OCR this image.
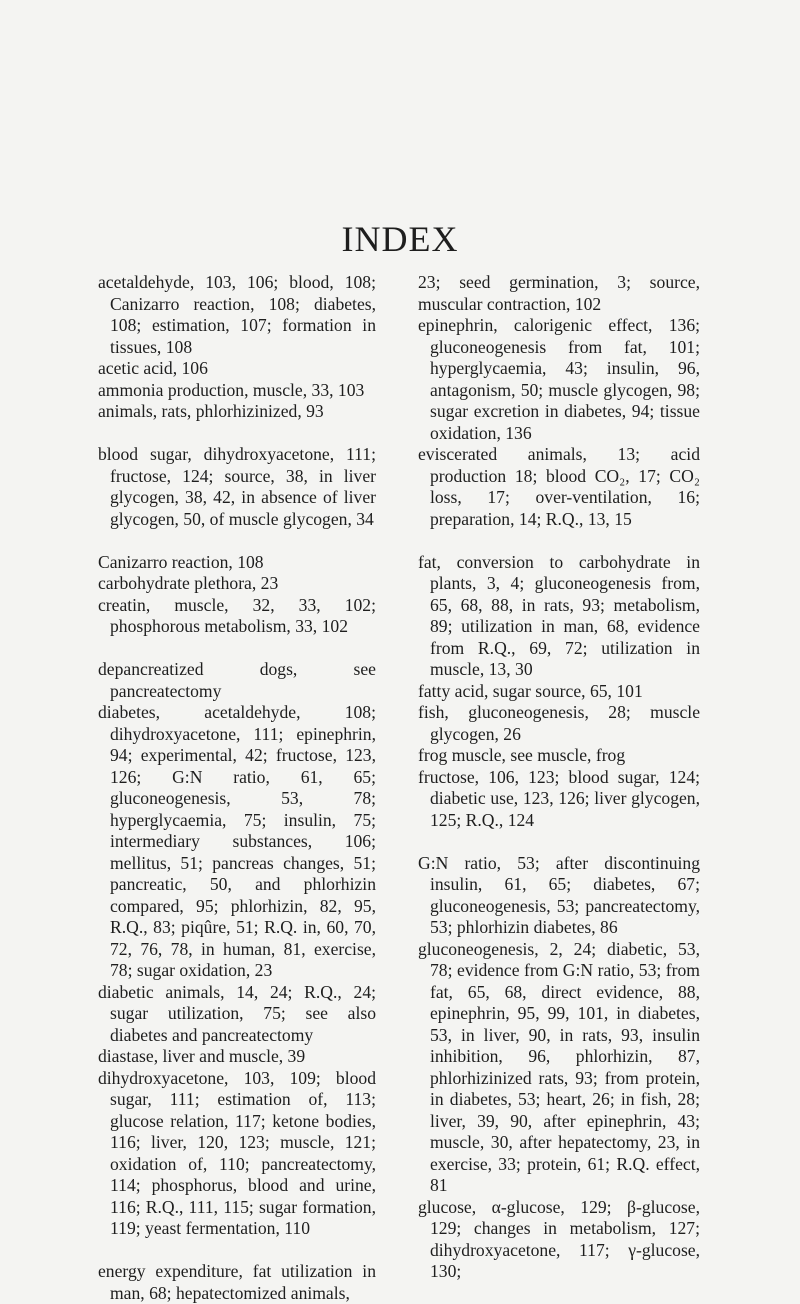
INDEX

acetaldehyde, 103, 106; blood, 108; Canizarro reaction, 108; diabetes, 108; estimation, 107; formation in tissues, 108

acetic acid, 106

ammonia production, muscle, 33, 103

animals, rats, phlorhizinized, 93

blood sugar, dihydroxyacetone, 111; fructose, 124; source, 38, in liver glycogen, 38, 42, in absence of liver glycogen, 50, of muscle glycogen, 34

Canizarro reaction, 108

carbohydrate plethora, 23

creatin, muscle, 32, 33, 102; phosphorous metabolism, 33, 102

depancreatized dogs, see pancreatectomy

diabetes, acetaldehyde, 108; dihydroxyacetone, 111; epinephrin, 94; experimental, 42; fructose, 123, 126; G:N ratio, 61, 65; gluconeogenesis, 53, 78; hyperglycaemia, 75; insulin, 75; intermediary substances, 106; mellitus, 51; pancreas changes, 51; pancreatic, 50, and phlorhizin compared, 95; phlorhizin, 82, 95, R.Q., 83; piqûre, 51; R.Q. in, 60, 70, 72, 76, 78, in human, 81, exercise, 78; sugar oxidation, 23

diabetic animals, 14, 24; R.Q., 24; sugar utilization, 75; see also diabetes and pancreatectomy

diastase, liver and muscle, 39

dihydroxyacetone, 103, 109; blood sugar, 111; estimation of, 113; glucose relation, 117; ketone bodies, 116; liver, 120, 123; muscle, 121; oxidation of, 110; pancreatectomy, 114; phosphorus, blood and urine, 116; R.Q., 111, 115; sugar formation, 119; yeast fermentation, 110

energy expenditure, fat utilization in man, 68; hepatectomized animals,

23; seed germination, 3; source, muscular contraction, 102

epinephrin, calorigenic effect, 136; gluconeogenesis from fat, 101; hyperglycaemia, 43; insulin, 96, antagonism, 50; muscle glycogen, 98; sugar excretion in diabetes, 94; tissue oxidation, 136

eviscerated animals, 13; acid production 18; blood CO₂, 17; CO₂ loss, 17; over-ventilation, 16; preparation, 14; R.Q., 13, 15

fat, conversion to carbohydrate in plants, 3, 4; gluconeogenesis from, 65, 68, 88, in rats, 93; metabolism, 89; utilization in man, 68, evidence from R.Q., 69, 72; utilization in muscle, 13, 30

fatty acid, sugar source, 65, 101

fish, gluconeogenesis, 28; muscle glycogen, 26

frog muscle, see muscle, frog

fructose, 106, 123; blood sugar, 124; diabetic use, 123, 126; liver glycogen, 125; R.Q., 124

G:N ratio, 53; after discontinuing insulin, 61, 65; diabetes, 67; gluconeogenesis, 53; pancreatectomy, 53; phlorhizin diabetes, 86

gluconeogenesis, 2, 24; diabetic, 53, 78; evidence from G:N ratio, 53; from fat, 65, 68, direct evidence, 88, epinephrin, 95, 99, 101, in diabetes, 53, in liver, 90, in rats, 93, insulin inhibition, 96, phlorhizin, 87, phlorhizinized rats, 93; from protein, in diabetes, 53; heart, 26; in fish, 28; liver, 39, 90, after epinephrin, 43; muscle, 30, after hepatectomy, 23, in exercise, 33; protein, 61; R.Q. effect, 81

glucose, α-glucose, 129; β-glucose, 129; changes in metabolism, 127; dihydroxyacetone, 117; γ-glucose, 130;
